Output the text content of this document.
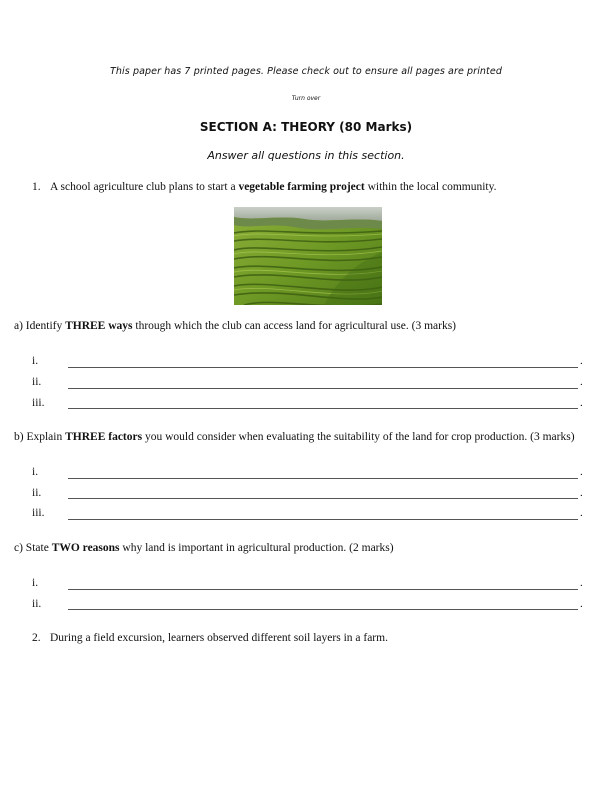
This paper has 7 printed pages. Please check out to ensure all pages are printed
Turn over
SECTION A: THEORY (80 Marks)
Answer all questions in this section.
1. A school agriculture club plans to start a vegetable farming project within the local community.
a) Identify THREE ways through which the club can access land for agricultural use. (3 marks)
i.	.
ii.	.
iii.	.
b) Explain THREE factors you would consider when evaluating the suitability of the land for crop production. (3 marks)
i.	.
ii.	.
iii.	.
c) State TWO reasons why land is important in agricultural production. (2 marks)
i.	.
ii.	.
2. During a field excursion, learners observed different soil layers in a farm.
